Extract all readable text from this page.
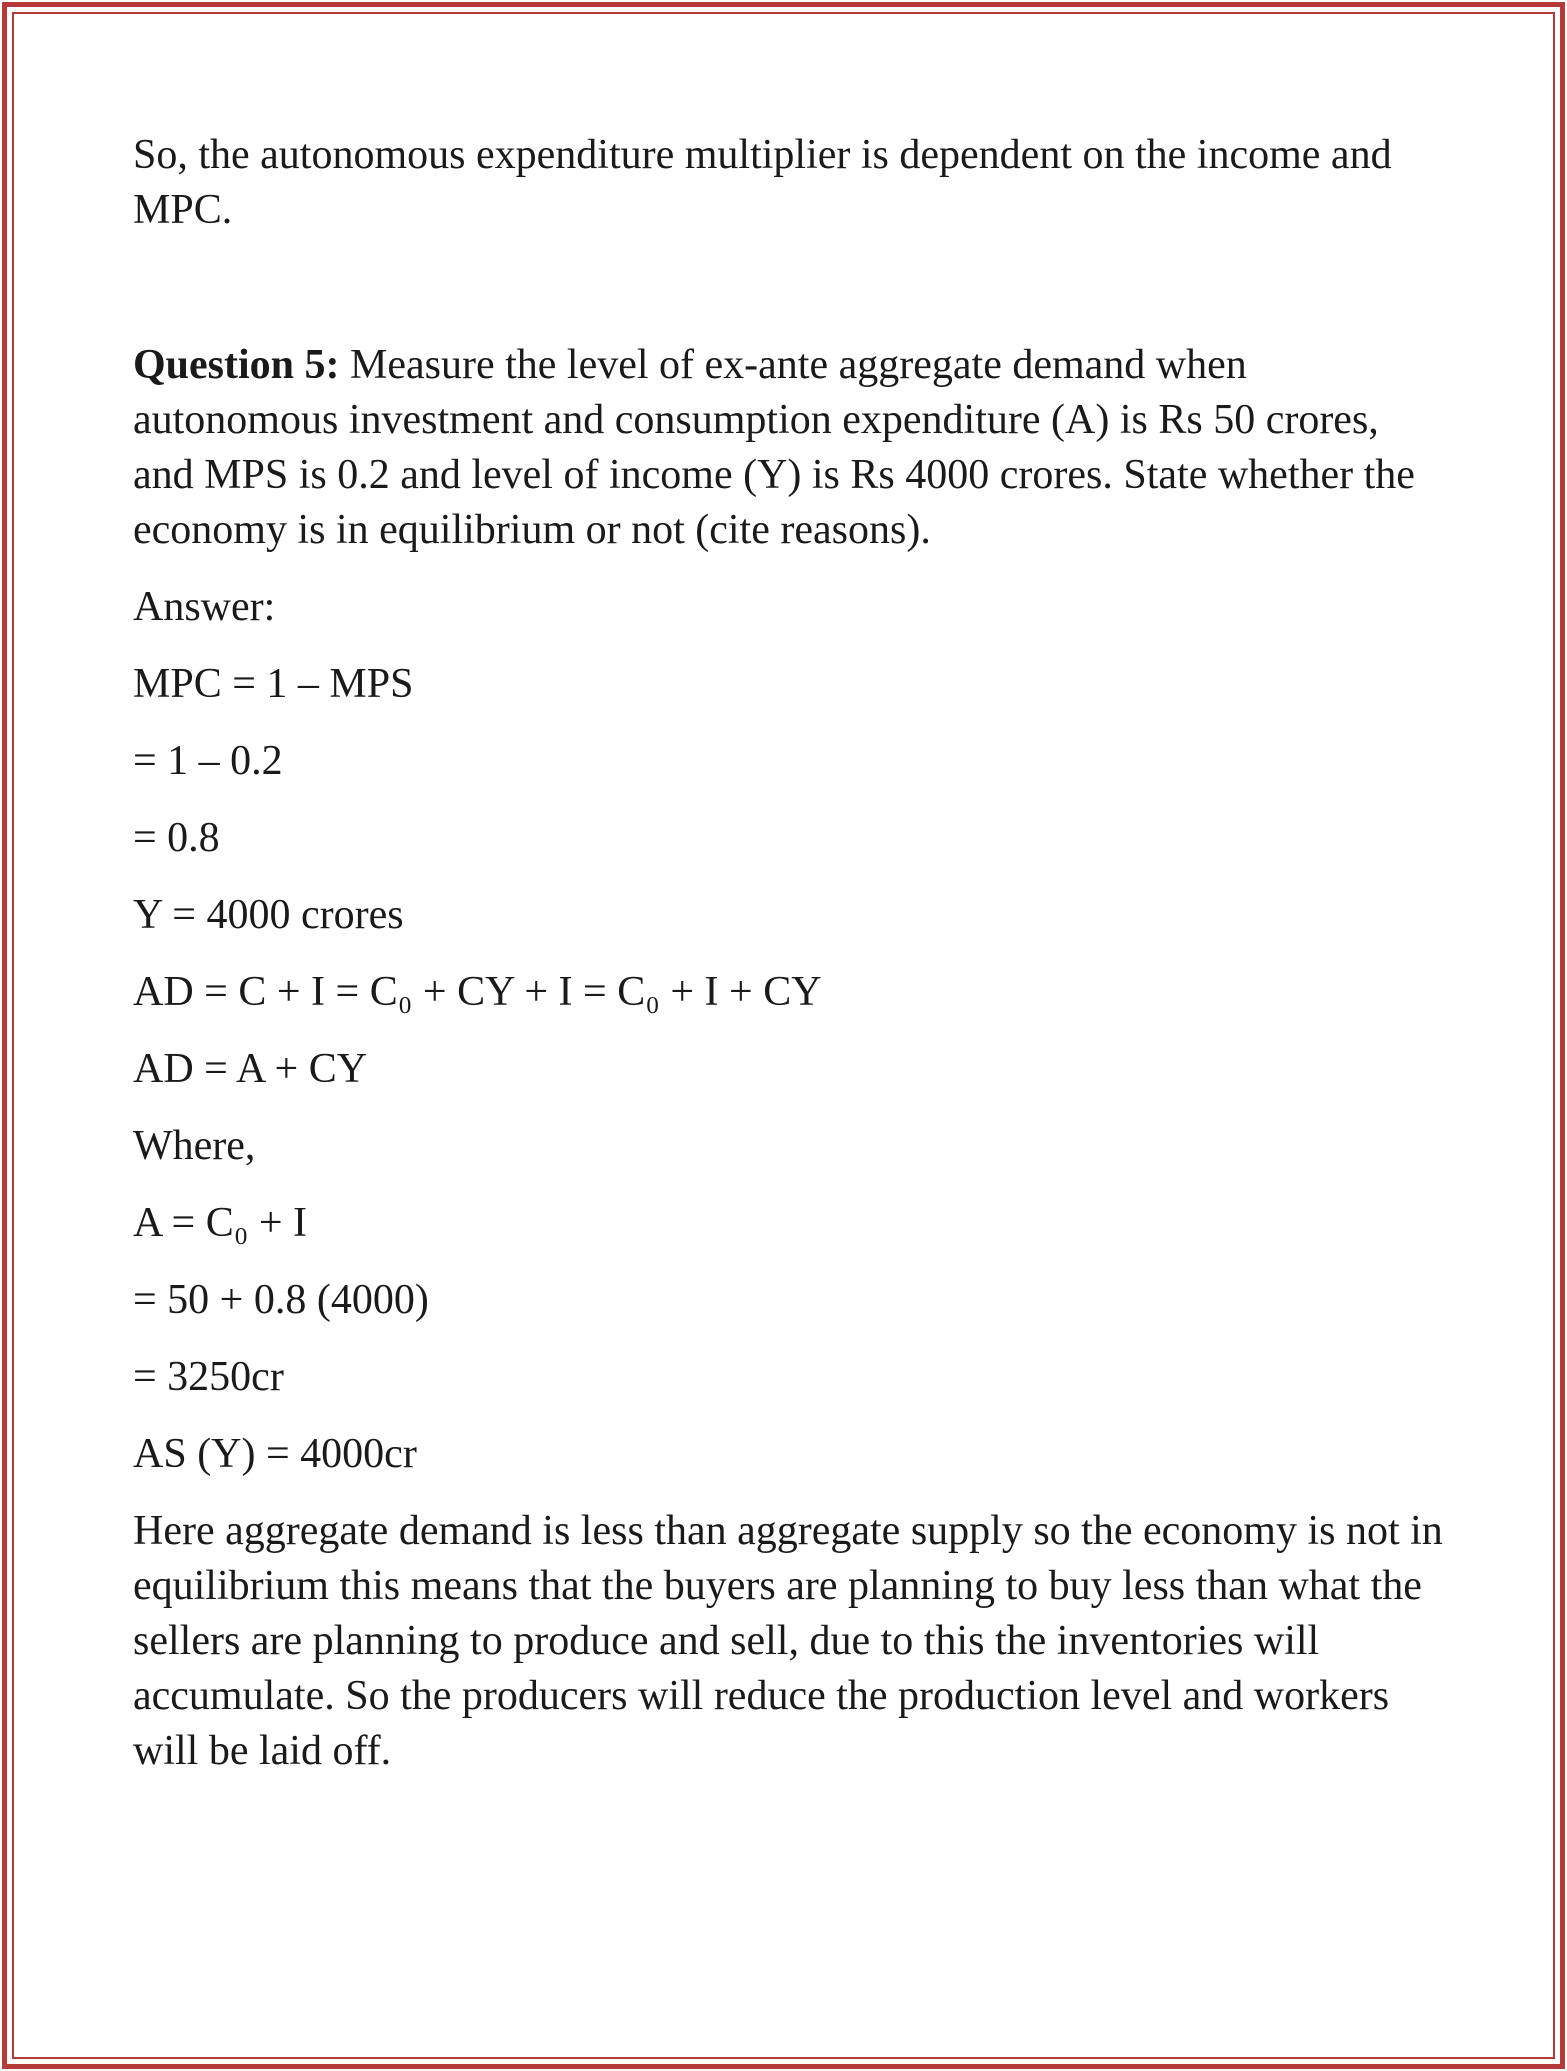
So, the autonomous expenditure multiplier is dependent on the income and MPC.

Question 5: Measure the level of ex-ante aggregate demand when autonomous investment and consumption expenditure (A) is Rs 50 crores, and MPS is 0.2 and level of income (Y) is Rs 4000 crores. State whether the economy is in equilibrium or not (cite reasons).

Answer:

MPC = 1 – MPS

= 1 – 0.2

= 0.8

Y = 4000 crores

AD = C + I = C₀ + CY + I = C₀ + I + CY

AD = A + CY

Where,

A = C₀ + I

= 50 + 0.8 (4000)

= 3250cr

AS (Y) = 4000cr

Here aggregate demand is less than aggregate supply so the economy is not in equilibrium this means that the buyers are planning to buy less than what the sellers are planning to produce and sell, due to this the inventories will accumulate. So the producers will reduce the production level and workers will be laid off.
